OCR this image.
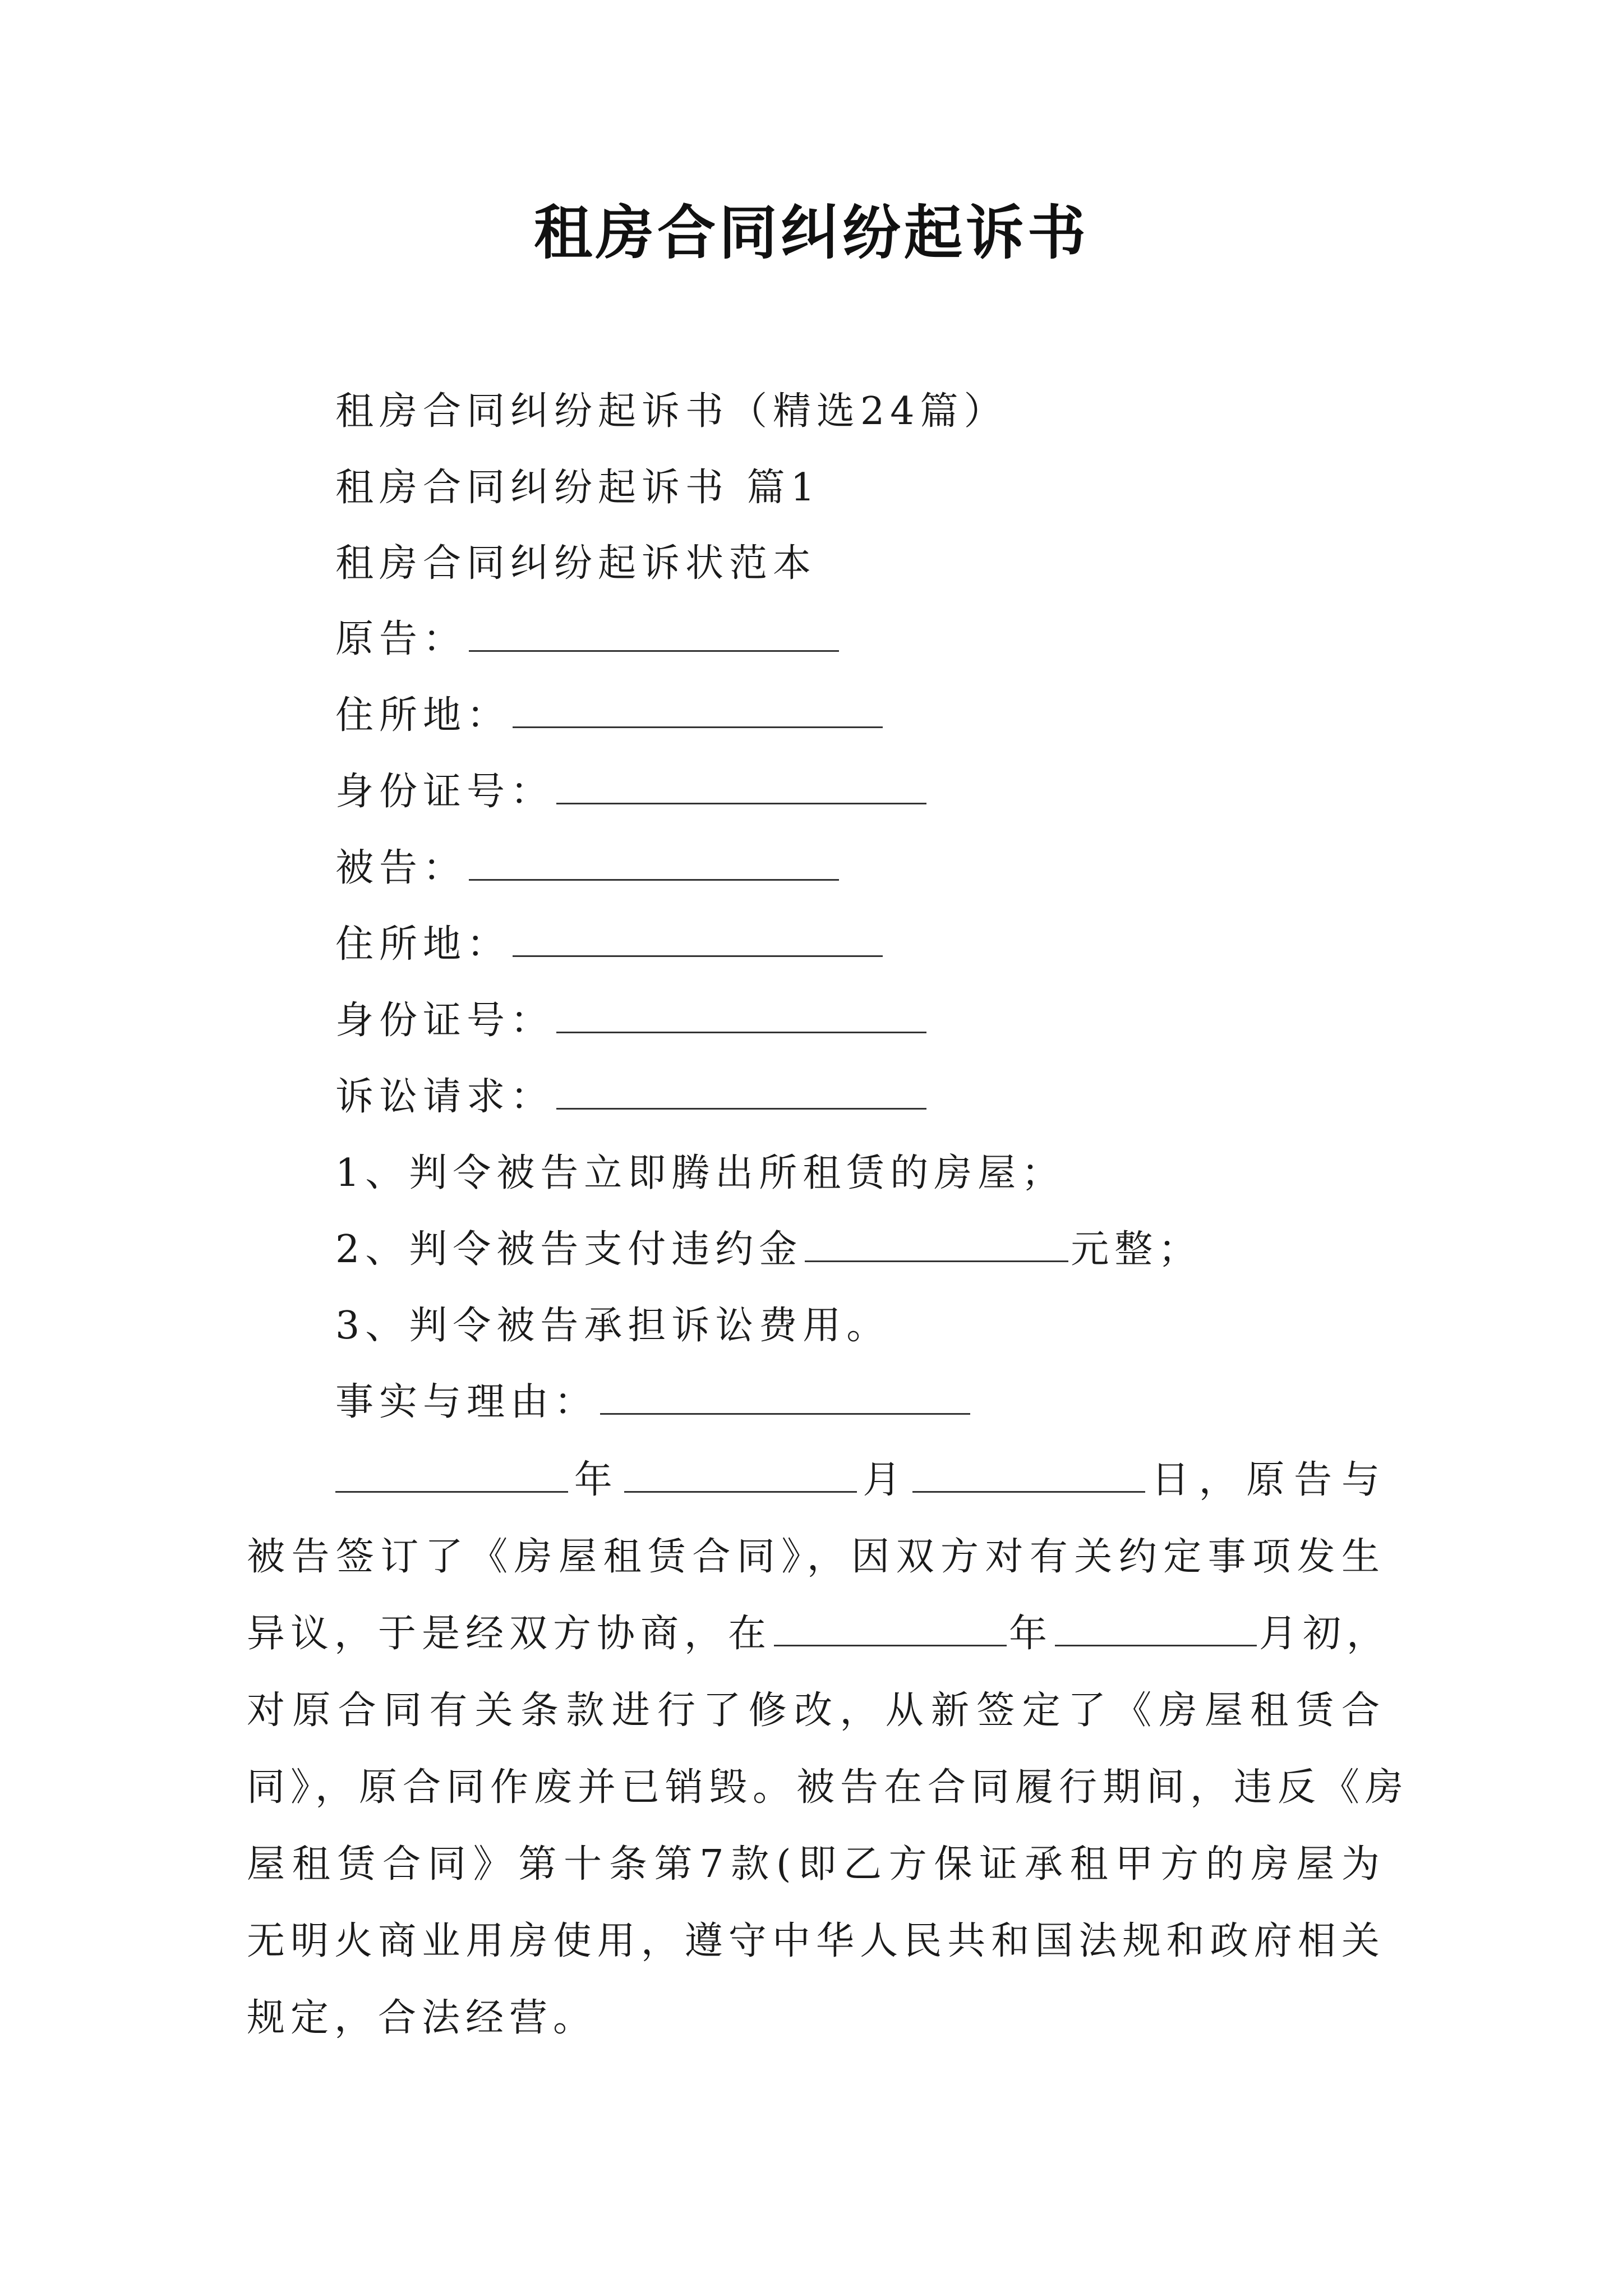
租房合同纠纷起诉书
租房合同纠纷起诉书（精选24篇）
租房合同纠纷起诉书 篇1
租房合同纠纷起诉状范本
原告：
住所地：
身份证号：
被告：
住所地：
身份证号：
诉讼请求：
1、判令被告立即腾出所租赁的房屋；
2、判令被告支付违约金	元整；
3、判令被告承担诉讼费用。
事实与理由：
年	月	日，原告与
被告签订了《房屋租赁合同》，因双方对有关约定事项发生
异议，于是经双方协商，在	年	月初，
对原合同有关条款进行了修改，从新签定了《房屋租赁合
同》，原合同作废并已销毁。被告在合同履行期间，违反《房
屋租赁合同》第十条第7款(即乙方保证承租甲方的房屋为
无明火商业用房使用，遵守中华人民共和国法规和政府相关
规定，合法经营。
